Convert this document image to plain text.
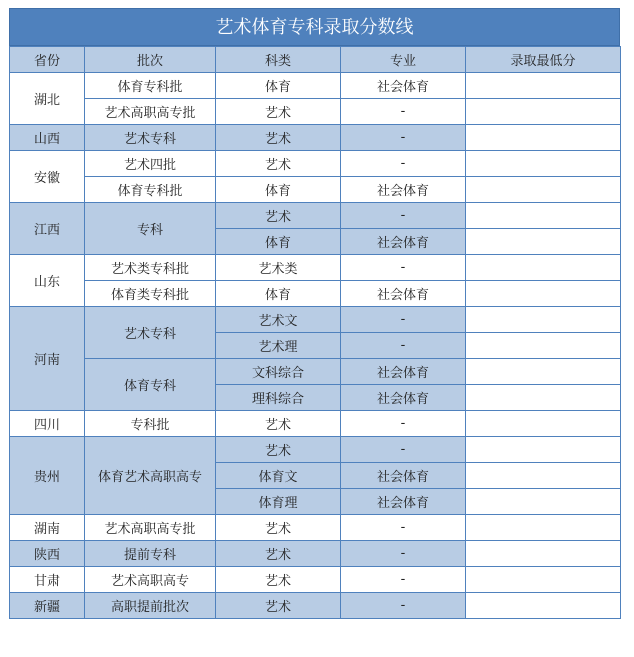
艺术体育专科录取分数线
省份	批次	科类	专业	录取最低分
湖北	体育专科批	体育	社会体育	
	艺术高职高专批	艺术	-	
山西	艺术专科	艺术	-	
安徽	艺术四批	艺术	-	
	体育专科批	体育	社会体育	
江西	专科	艺术	-	
		体育	社会体育	
山东	艺术类专科批	艺术类	-	
	体育类专科批	体育	社会体育	
河南	艺术专科	艺术文	-	
		艺术理	-	
	体育专科	文科综合	社会体育	
		理科综合	社会体育	
四川	专科批	艺术	-	
贵州	体育艺术高职高专	艺术	-	
		体育文	社会体育	
		体育理	社会体育	
湖南	艺术高职高专批	艺术	-	
陕西	提前专科	艺术	-	
甘肃	艺术高职高专	艺术	-	
新疆	高职提前批次	艺术	-	
